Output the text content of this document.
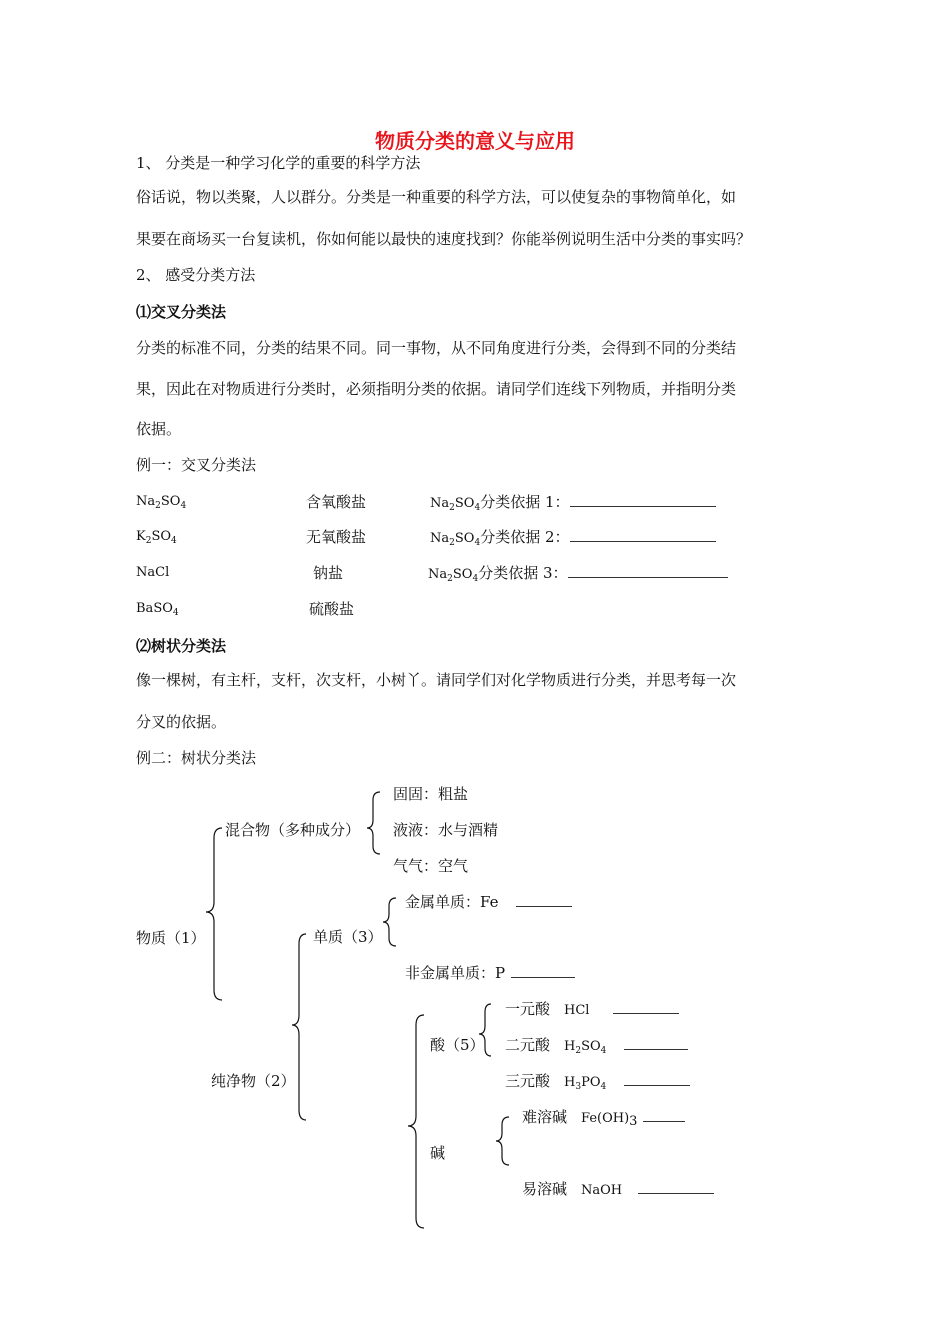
物质分类的意义与应用
1、 分类是一种学习化学的重要的科学方法
俗话说，物以类聚，人以群分。分类是一种重要的科学方法，可以使复杂的事物简单化，如
果要在商场买一台复读机，你如何能以最快的速度找到？你能举例说明生活中分类的事实吗？
2、 感受分类方法
⑴交叉分类法
分类的标准不同，分类的结果不同。同一事物，从不同角度进行分类，会得到不同的分类结
果，因此在对物质进行分类时，必须指明分类的依据。请同学们连线下列物质，并指明分类
依据。
例一：交叉分类法
$Na_2SO_4$
$K_2SO_4$
NaCl
BaSO$_4$
含氧酸盐
无氧酸盐
钠盐
硫酸盐
$Na_2SO_4$分类依据 1：
$Na_2SO_4$分类依据 2：
$Na_2SO_4$分类依据 3：
⑵树状分类法
像一棵树，有主杆，支杆，次支杆，小树丫。请同学们对化学物质进行分类，并思考每一次
分叉的依据。
例二：树状分类法
物质（1）
混合物（多种成分）
固固：粗盐
液液：水与酒精
气气：空气
纯净物（2）
单质（3）
金属单质：Fe
非金属单质：P
酸（5）
一元酸 HCl
二元酸 $H_2SO_4$
三元酸 $H_3PO_4$
碱
难溶碱 $Fe(OH)_3$
易溶碱 NaOH
